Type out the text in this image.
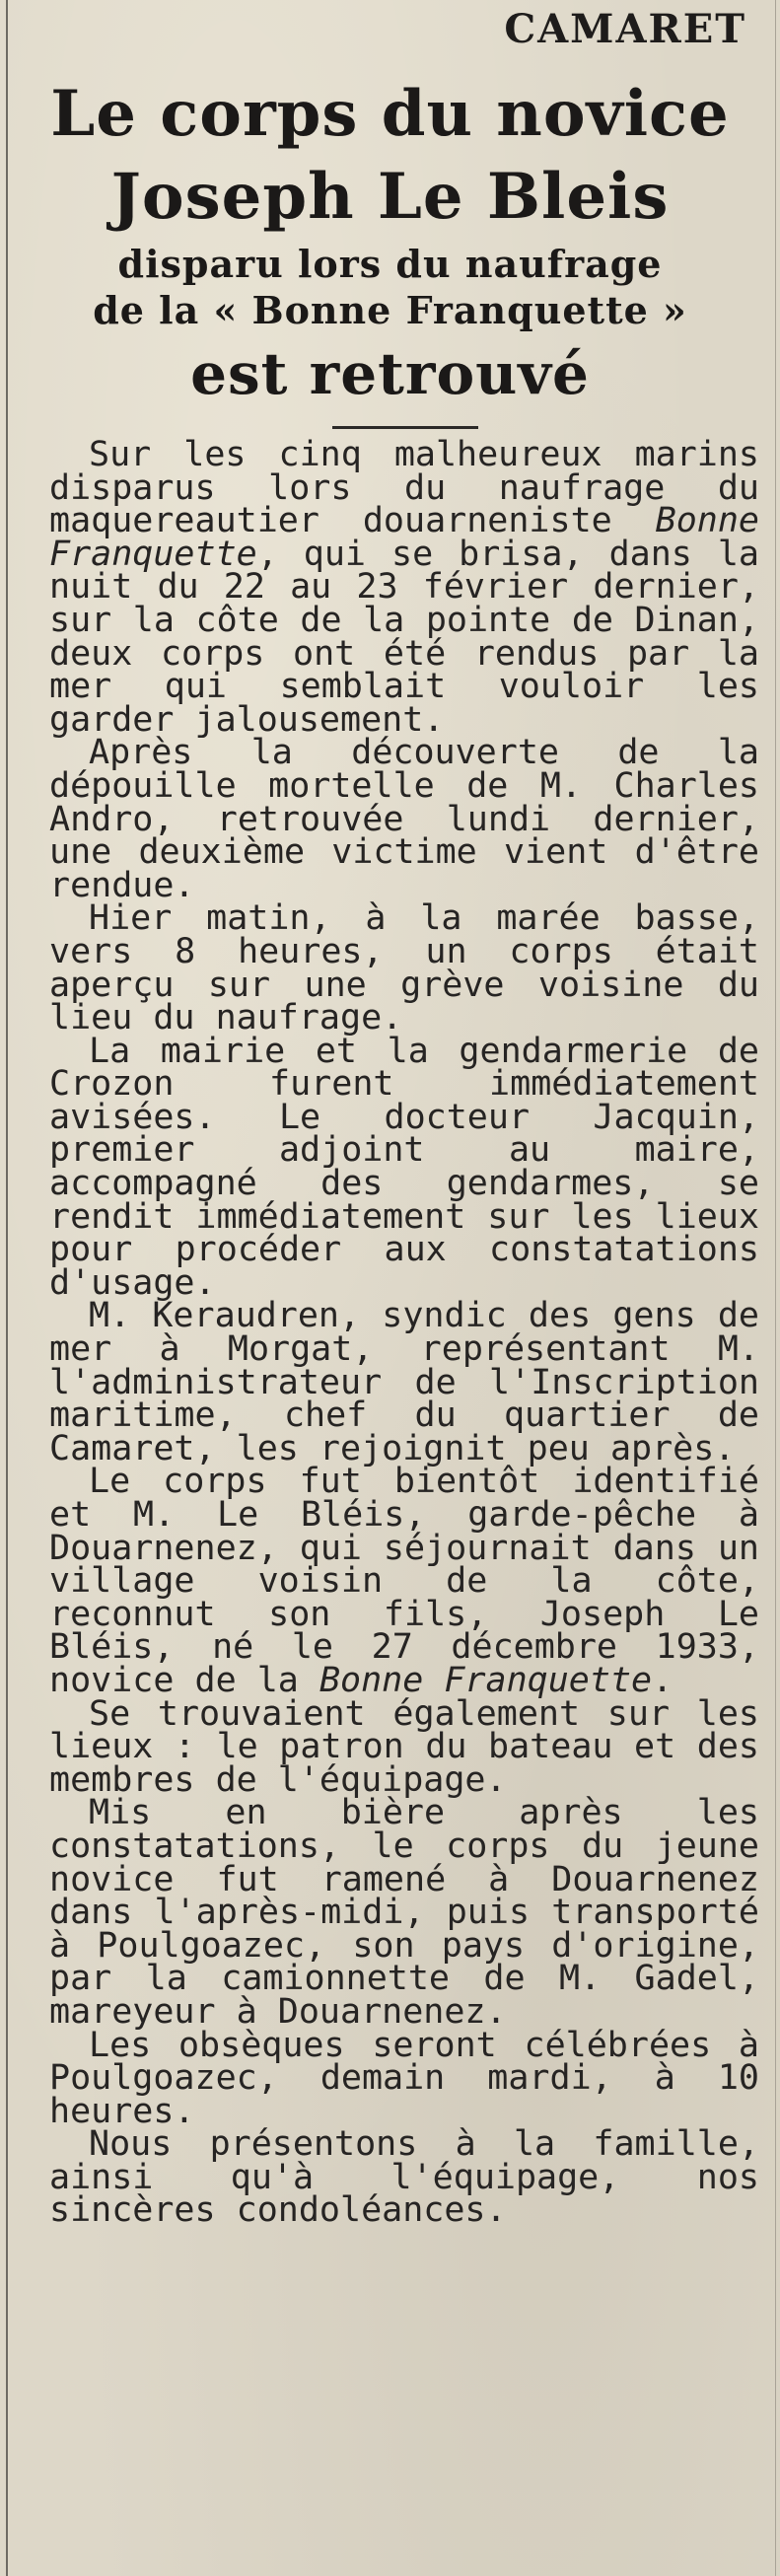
CAMARET
Le corps du novice
Joseph Le Bleis
disparu lors du naufrage
de la « Bonne Franquette »
est retrouvé

Sur les cinq malheureux marins disparus lors du naufrage du maquereautier douarneniste Bonne Franquette, qui se brisa, dans la nuit du 22 au 23 février dernier, sur la côte de la pointe de Dinan, deux corps ont été rendus par la mer qui semblait vouloir les garder jalousement.

Après la découverte de la dépouille mortelle de M. Charles Andro, retrouvée lundi dernier, une deuxième victime vient d'être rendue.

Hier matin, à la marée basse, vers 8 heures, un corps était aperçu sur une grève voisine du lieu du naufrage.

La mairie et la gendarmerie de Crozon furent immédiatement avisées. Le docteur Jacquin, premier adjoint au maire, accompagné des gendarmes, se rendit immédiatement sur les lieux pour procéder aux constatations d'usage.

M. Keraudren, syndic des gens de mer à Morgat, représentant M. l'administrateur de l'Inscription maritime, chef du quartier de Camaret, les rejoignit peu après.

Le corps fut bientôt identifié et M. Le Bléis, garde-pêche à Douarnenez, qui séjournait dans un village voisin de la côte, reconnut son fils, Joseph Le Bléis, né le 27 décembre 1933, novice de la Bonne Franquette.

Se trouvaient également sur les lieux : le patron du bateau et des membres de l'équipage.

Mis en bière après les constatations, le corps du jeune novice fut ramené à Douarnenez dans l'après-midi, puis transporté à Poulgoazec, son pays d'origine, par la camionnette de M. Gadel, mareyeur à Douarnenez.

Les obsèques seront célébrées à Poulgoazec, demain mardi, à 10 heures.

Nous présentons à la famille, ainsi qu'à l'équipage, nos sincères condoléances.
